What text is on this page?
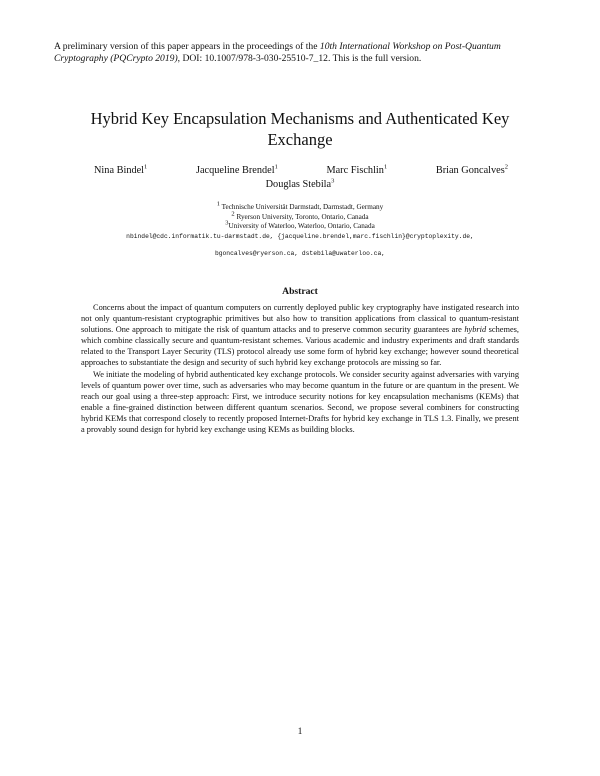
A preliminary version of this paper appears in the proceedings of the 10th International Workshop on Post-Quantum Cryptography (PQCrypto 2019), DOI: 10.1007/978-3-030-25510-7_12. This is the full version.
Hybrid Key Encapsulation Mechanisms and Authenticated Key Exchange
Nina Bindel$^1$	Jacqueline Brendel$^1$	Marc Fischlin$^1$	Brian Goncalves$^2$
Douglas Stebila$^3$
$^1$ Technische Universität Darmstadt, Darmstadt, Germany
$^2$ Ryerson University, Toronto, Ontario, Canada
$^3$University of Waterloo, Waterloo, Ontario, Canada
nbindel@cdc.informatik.tu-darmstadt.de, {jacqueline.brendel,marc.fischlin}@cryptoplexity.de,
bgoncalves@ryerson.ca, dstebila@uwaterloo.ca,
Abstract

Concerns about the impact of quantum computers on currently deployed public key cryptography have instigated research into not only quantum-resistant cryptographic primitives but also how to transition applications from classical to quantum-resistant solutions. One approach to mitigate the risk of quantum attacks and to preserve common security guarantees are hybrid schemes, which combine classically secure and quantum-resistant schemes. Various academic and industry experiments and draft standards related to the Transport Layer Security (TLS) protocol already use some form of hybrid key exchange; however sound theoretical approaches to substantiate the design and security of such hybrid key exchange protocols are missing so far.

We initiate the modeling of hybrid authenticated key exchange protocols. We consider security against adversaries with varying levels of quantum power over time, such as adversaries who may become quantum in the future or are quantum in the present. We reach our goal using a three-step approach: First, we introduce security notions for key encapsulation mechanisms (KEMs) that enable a fine-grained distinction between different quantum scenarios. Second, we propose several combiners for constructing hybrid KEMs that correspond closely to recently proposed Internet-Drafts for hybrid key exchange in TLS 1.3. Finally, we present a provably sound design for hybrid key exchange using KEMs as building blocks.

1
